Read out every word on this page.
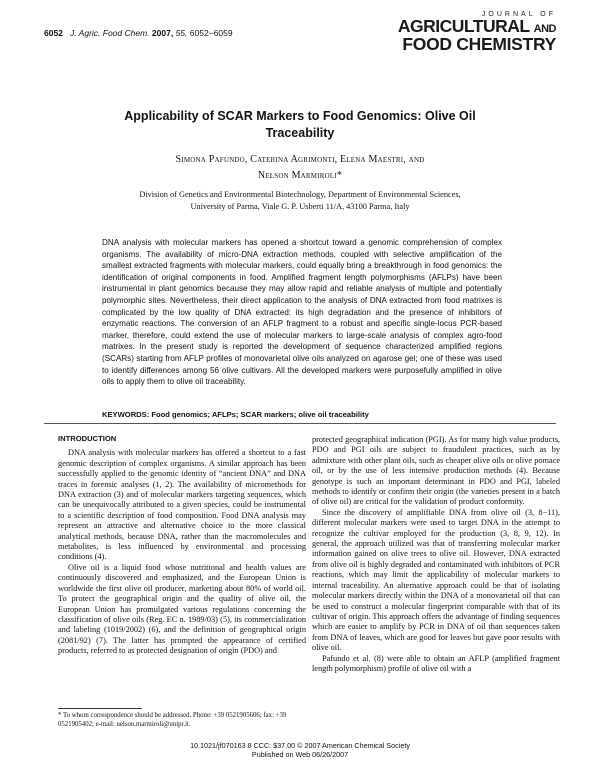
6052 J. Agric. Food Chem. 2007, 55, 6052−6059
JOURNAL OF
AGRICULTURAL AND
FOOD CHEMISTRY
Applicability of SCAR Markers to Food Genomics: Olive Oil
Traceability
Simona Pafundo, Caterina Agrimonti, Elena Maestri, and
Nelson Marmiroli*
Division of Genetics and Environmental Biotechnology, Department of Environmental Sciences,
University of Parma, Viale G. P. Usberti 11/A, 43100 Parma, Italy
DNA analysis with molecular markers has opened a shortcut toward a genomic comprehension of complex organisms. The availability of micro-DNA extraction methods, coupled with selective amplification of the smallest extracted fragments with molecular markers, could equally bring a breakthrough in food genomics: the identification of original components in food. Amplified fragment length polymorphisms (AFLPs) have been instrumental in plant genomics because they may allow rapid and reliable analysis of multiple and potentially polymorphic sites. Nevertheless, their direct application to the analysis of DNA extracted from food matrixes is complicated by the low quality of DNA extracted: its high degradation and the presence of inhibitors of enzymatic reactions. The conversion of an AFLP fragment to a robust and specific single-locus PCR-based marker, therefore, could extend the use of molecular markers to large-scale analysis of complex agro-food matrixes. In the present study is reported the development of sequence characterized amplified regions (SCARs) starting from AFLP profiles of monovarietal olive oils analyzed on agarose gel; one of these was used to identify differences among 56 olive cultivars. All the developed markers were purposefully amplified in olive oils to apply them to olive oil traceability.
KEYWORDS: Food genomics; AFLPs; SCAR markers; olive oil traceability
INTRODUCTION

DNA analysis with molecular markers has offered a shortcut to a fast genomic description of complex organisms. A similar approach has been successfully applied to the genomic identity of “ancient DNA” and DNA traces in forensic analyses (1, 2). The availability of micromethods for DNA extraction (3) and of molecular markers targeting sequences, which can be unequivocally attributed to a given species, could be instrumental to a scientific description of food composition. Food DNA analysis may represent an attractive and alternative choice to the more classical analytical methods, because DNA, rather than the macromolecules and metabolites, is less influenced by environmental and processing conditions (4).

Olive oil is a liquid food whose nutritional and health values are continuously discovered and emphasized, and the European Union is worldwide the first olive oil producer, marketing about 80% of world oil. To protect the geographical origin and the quality of olive oil, the European Union has promulgated various regulations concerning the classification of olive oils (Reg. EC n. 1989/03) (5), its commercialization and labeling (1019/2002) (6), and the definition of geographical origin (2081/92) (7). The latter has prompted the appearance of certified products, referred to as protected designation of origin (PDO) and

protected geographical indication (PGI). As for many high value products, PDO and PGI oils are subject to fraudulent practices, such as by admixture with other plant oils, such as cheaper olive oils or olive pomace oil, or by the use of less intensive production methods (4). Because genotype is such an important determinant in PDO and PGI, labeled methods to identify or confirm their origin (the varieties present in a batch of olive oil) are critical for the validation of product conformity.

Since the discovery of amplifiable DNA from olive oil (3, 8−11), different molecular markers were used to target DNA in the attempt to recognize the cultivar employed for the production (3, 8, 9, 12). In general, the approach utilized was that of transferring molecular marker information gained on olive trees to olive oil. However, DNA extracted from olive oil is highly degraded and contaminated with inhibitors of PCR reactions, which may limit the applicability of molecular markers to internal traceability. An alternative approach could be that of isolating molecular markers directly within the DNA of a monovarietal oil that can be used to construct a molecular fingerprint comparable with that of its cultivar of origin. This approach offers the advantage of finding sequences which are easier to amplify by PCR in DNA of oil than sequences taken from DNA of leaves, which are good for leaves but gave poor results with olive oil.

Pafundo et al. (8) were able to obtain an AFLP (amplified fragment length polymorphism) profile of olive oil with a

* To whom correspondence should be addressed. Phone: +39 0521905606; fax: +39 0521905402; e-mail: nelson.marmiroli@unipr.it.
10.1021/jf070163 8 CCC: $37.00 © 2007 American Chemical Society
Published on Web 06/26/2007
